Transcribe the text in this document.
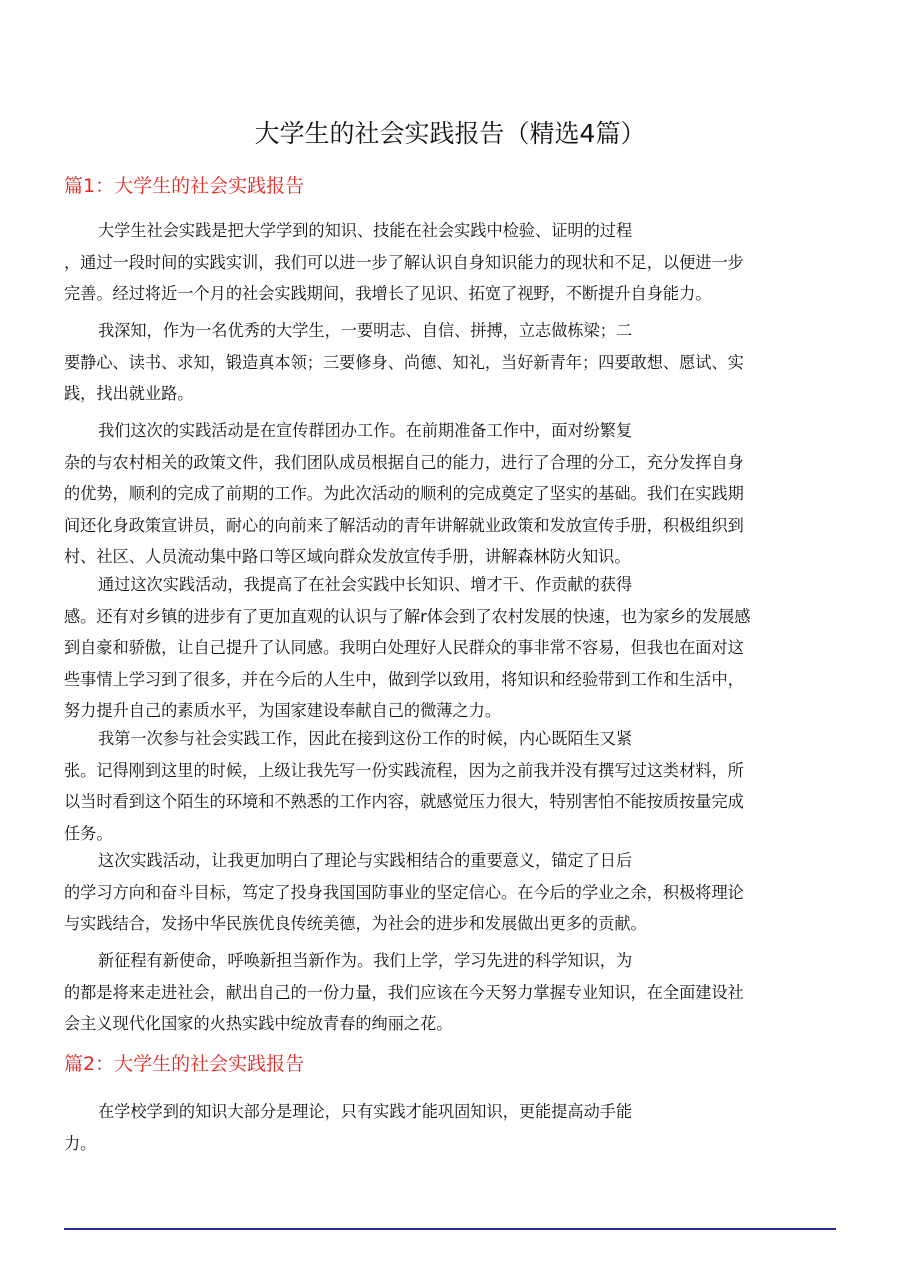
大学生的社会实践报告（精选4篇）
篇1：大学生的社会实践报告

大学生社会实践是把大学学到的知识、技能在社会实践中检验、证明的过程
，通过一段时间的实践实训，我们可以进一步了解认识自身知识能力的现状和不足，以便进一步
完善。经过将近一个月的社会实践期间，我增长了见识、拓宽了视野，不断提升自身能力。

我深知，作为一名优秀的大学生，一要明志、自信、拼搏，立志做栋梁；二
要静心、读书、求知，锻造真本领；三要修身、尚德、知礼，当好新青年；四要敢想、愿试、实
践，找出就业路。

我们这次的实践活动是在宣传群团办工作。在前期准备工作中，面对纷繁复
杂的与农村相关的政策文件，我们团队成员根据自己的能力，进行了合理的分工，充分发挥自身
的优势，顺利的完成了前期的工作。为此次活动的顺利的完成奠定了坚实的基础。我们在实践期
间还化身政策宣讲员，耐心的向前来了解活动的青年讲解就业政策和发放宣传手册，积极组织到
村、社区、人员流动集中路口等区域向群众发放宣传手册，讲解森林防火知识。

通过这次实践活动，我提高了在社会实践中长知识、增才干、作贡献的获得
感。还有对乡镇的进步有了更加直观的认识与了解r体会到了农村发展的快速，也为家乡的发展感
到自豪和骄傲，让自己提升了认同感。我明白处理好人民群众的事非常不容易，但我也在面对这
些事情上学习到了很多，并在今后的人生中，做到学以致用，将知识和经验带到工作和生活中，
努力提升自己的素质水平，为国家建设奉献自己的微薄之力。

我第一次参与社会实践工作，因此在接到这份工作的时候，内心既陌生又紧
张。记得刚到这里的时候，上级让我先写一份实践流程，因为之前我并没有撰写过这类材料，所
以当时看到这个陌生的环境和不熟悉的工作内容，就感觉压力很大，特别害怕不能按质按量完成
任务。

这次实践活动，让我更加明白了理论与实践相结合的重要意义，锚定了日后
的学习方向和奋斗目标，笃定了投身我国国防事业的坚定信心。在今后的学业之余，积极将理论
与实践结合，发扬中华民族优良传统美德，为社会的进步和发展做出更多的贡献。

新征程有新使命，呼唤新担当新作为。我们上学，学习先进的科学知识，为
的都是将来走进社会，献出自己的一份力量，我们应该在今天努力掌握专业知识，在全面建设社
会主义现代化国家的火热实践中绽放青春的绚丽之花。

篇2：大学生的社会实践报告

在学校学到的知识大部分是理论，只有实践才能巩固知识，更能提高动手能
力。
